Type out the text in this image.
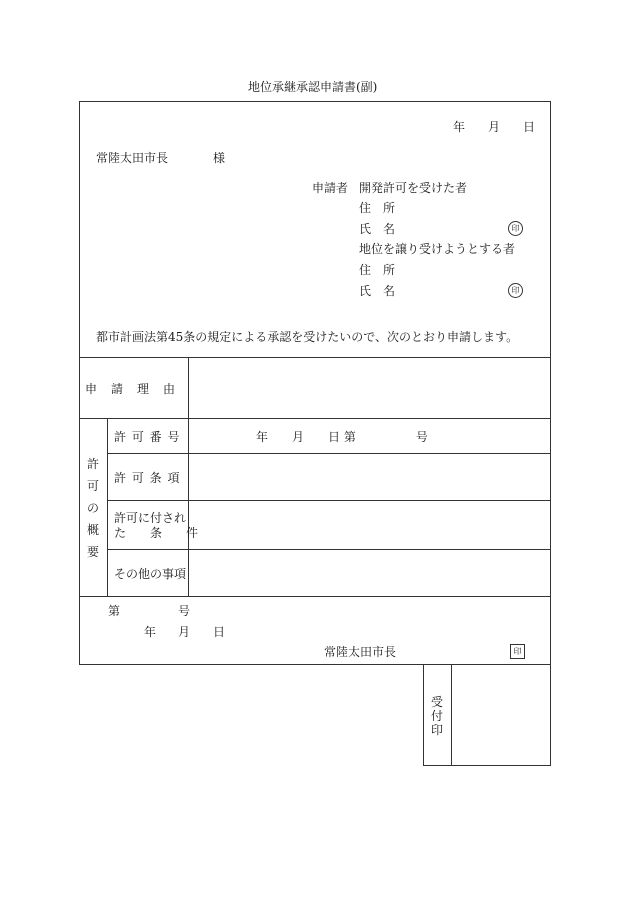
地位承継承認申請書(副)
年 月 日
常陸太田市長	様
申請者 開発許可を受けた者
住　所
氏　名	印
地位を譲り受けようとする者
住　所
氏　名	印
都市計画法第45条の規定による承認を受けたいので、次のとおり申請します。
申　請　理　由
許可の概要
許 可 番 号	年　　月　　日 第　　　　　号
許 可 条 項
許可に付され
た　　条　　件
その他の事項
第	号
年 月 日
常陸太田市長	印
受付印
